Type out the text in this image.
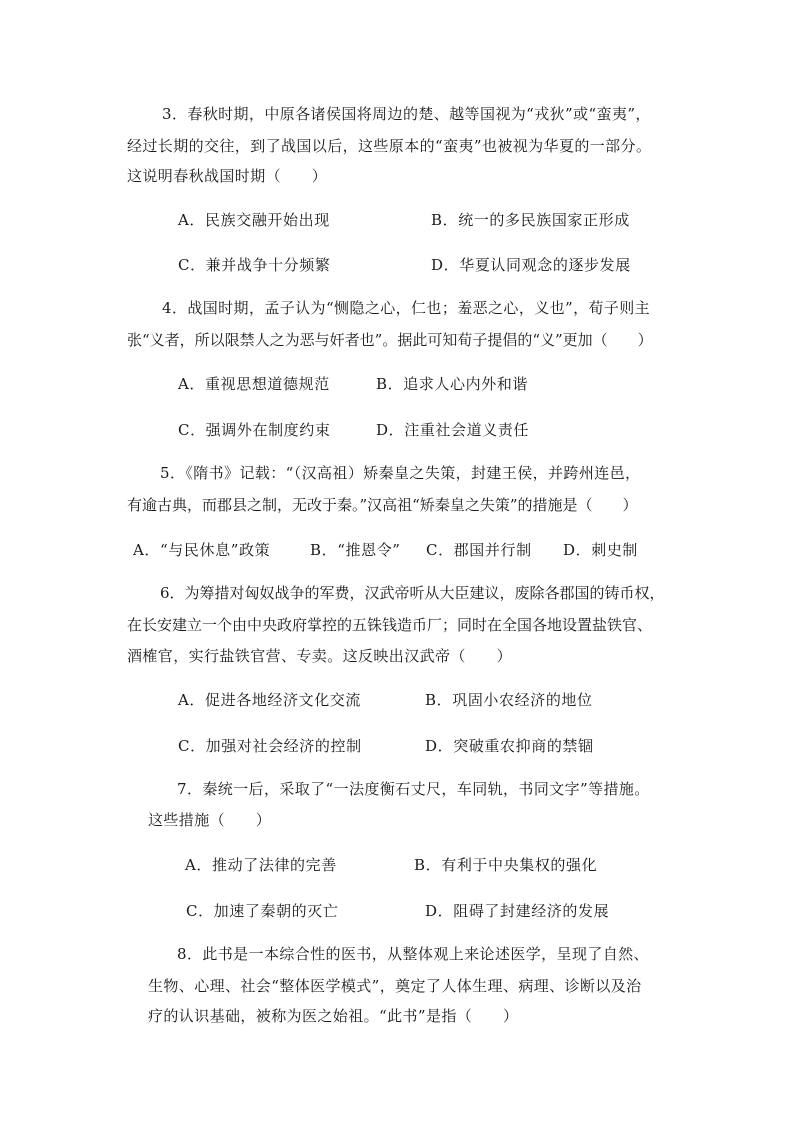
3．春秋时期，中原各诸侯国将周边的楚、越等国视为“戎狄”或“蛮夷”，
经过长期的交往，到了战国以后，这些原本的“蛮夷”也被视为华夏的一部分。
这说明春秋战国时期（　　）
A．民族交融开始出现	B．统一的多民族国家正形成
C．兼并战争十分频繁	D．华夏认同观念的逐步发展
4．战国时期，孟子认为“恻隐之心，仁也；羞恶之心，义也”，荀子则主
张“义者，所以限禁人之为恶与奸者也”。据此可知荀子提倡的“义”更加（　　）
A．重视思想道德规范	B．追求人心内外和谐
C．强调外在制度约束	D．注重社会道义责任
5．《隋书》记载：“（汉高祖）矫秦皇之失策，封建王侯，并跨州连邑，
有逾古典，而郡县之制，无改于秦。”汉高祖“矫秦皇之失策”的措施是（　　）
A．“与民休息”政策	B．“推恩令” C．郡国并行制 D．刺史制
6．为筹措对匈奴战争的军费，汉武帝听从大臣建议，废除各郡国的铸币权，
在长安建立一个由中央政府掌控的五铢钱造币厂；同时在全国各地设置盐铁官、
酒榷官，实行盐铁官营、专卖。这反映出汉武帝（　　）
A．促进各地经济文化交流	B．巩固小农经济的地位
C．加强对社会经济的控制	D．突破重农抑商的禁锢
7．秦统一后，采取了“一法度衡石丈尺，车同轨，书同文字”等措施。
这些措施（　　）
A．推动了法律的完善	B．有利于中央集权的强化
C．加速了秦朝的灭亡	D．阻碍了封建经济的发展
8．此书是一本综合性的医书，从整体观上来论述医学，呈现了自然、
生物、心理、社会“整体医学模式”，奠定了人体生理、病理、诊断以及治
疗的认识基础，被称为医之始祖。“此书”是指（　　）
